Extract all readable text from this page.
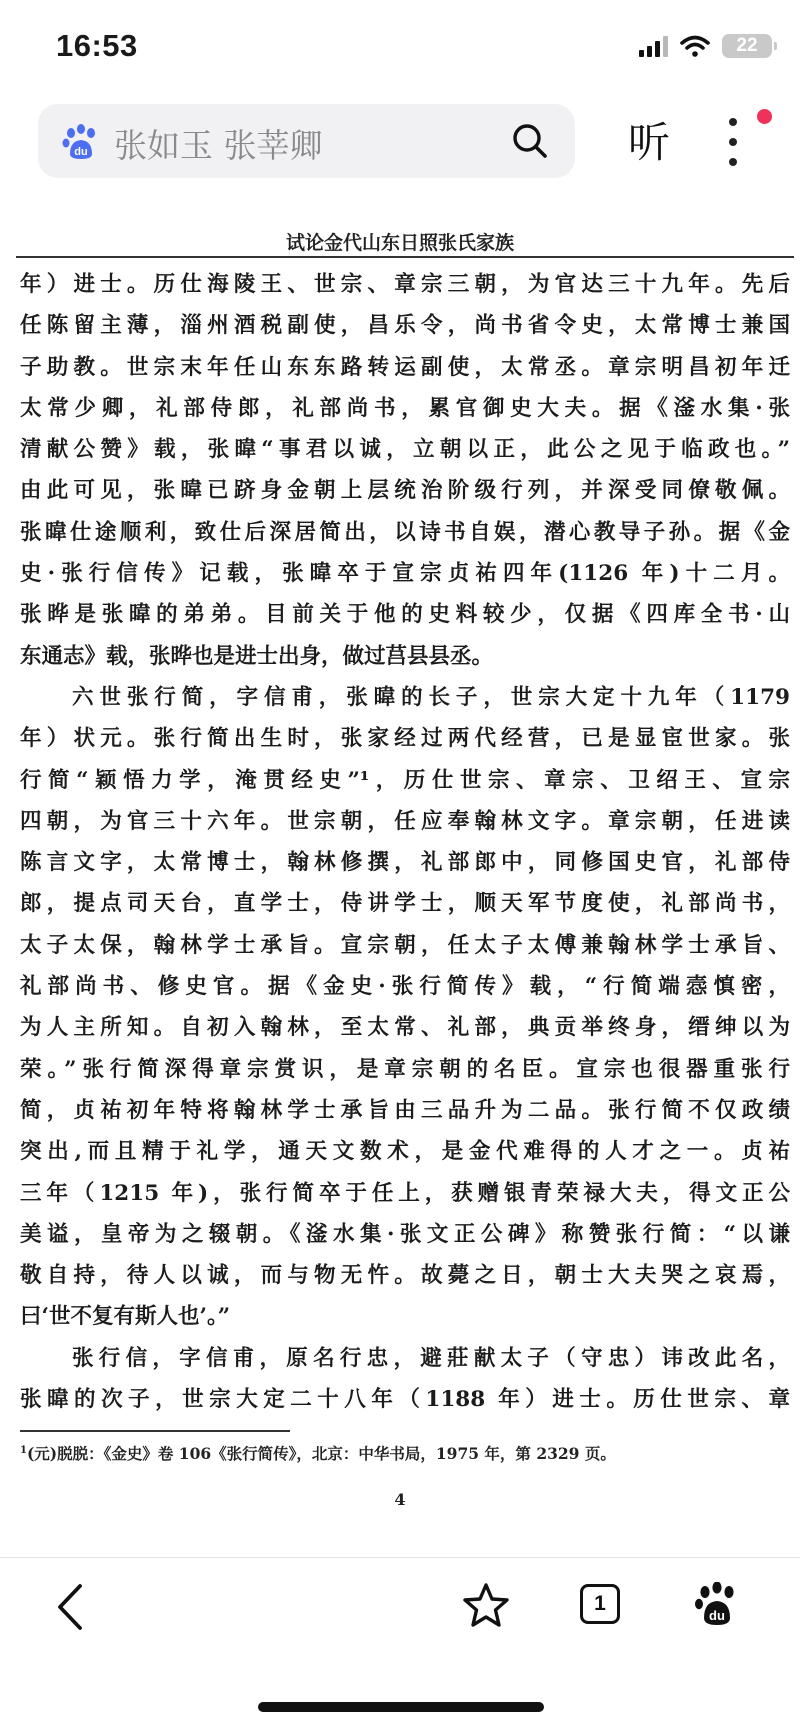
16:53	22
du 张如玉 张莘卿	听
试论金代山东日照张氏家族
年）进士。历仕海陵王、世宗、章宗三朝，为官达三十九年。先后
任陈留主薄，淄州酒税副使，昌乐令，尚书省令史，太常博士兼国
子助教。世宗末年任山东东路转运副使，太常丞。章宗明昌初年迁
太常少卿，礼部侍郎，礼部尚书，累官御史大夫。据《滏水集·张
清献公赞》载，张暐“事君以诚，立朝以正，此公之见于临政也。”
由此可见，张暐已跻身金朝上层统治阶级行列，并深受同僚敬佩。
张暐仕途顺利，致仕后深居简出，以诗书自娱，潜心教导子孙。据《金
史·张行信传》记载，张暐卒于宣宗贞祐四年(1126 年)十二月。
张晔是张暐的弟弟。目前关于他的史料较少，仅据《四库全书·山
东通志》载，张晔也是进士出身，做过莒县县丞。
六世张行简，字信甫，张暐的长子，世宗大定十九年（1179
年）状元。张行简出生时，张家经过两代经营，已是显宦世家。张
行简“颖悟力学，淹贯经史”¹，历仕世宗、章宗、卫绍王、宣宗
四朝，为官三十六年。世宗朝，任应奉翰林文字。章宗朝，任进读
陈言文字，太常博士，翰林修撰，礼部郎中，同修国史官，礼部侍
郎，提点司天台，直学士，侍讲学士，顺天军节度使，礼部尚书，
太子太保，翰林学士承旨。宣宗朝，任太子太傅兼翰林学士承旨、
礼部尚书、修史官。据《金史·张行简传》载，“行简端悫慎密，
为人主所知。自初入翰林，至太常、礼部，典贡举终身，缙绅以为
荣。”张行简深得章宗赏识，是章宗朝的名臣。宣宗也很器重张行
简，贞祐初年特将翰林学士承旨由三品升为二品。张行简不仅政绩
突出,而且精于礼学，通天文数术，是金代难得的人才之一。贞祐
三年（1215 年)，张行简卒于任上，获赠银青荣禄大夫，得文正公
美谥，皇帝为之辍朝。《滏水集·张文正公碑》称赞张行简：“以谦
敬自持，待人以诚，而与物无忤。故薨之日，朝士大夫哭之哀焉，
曰‘世不复有斯人也’。”
张行信，字信甫，原名行忠，避莊献太子（守忠）讳改此名，
张暐的次子，世宗大定二十八年（1188 年）进士。历仕世宗、章
$^1$(元)脱脱：《金史》卷 106《张行简传》，北京：中华书局，1975 年，第 2329 页。
4
1
du
